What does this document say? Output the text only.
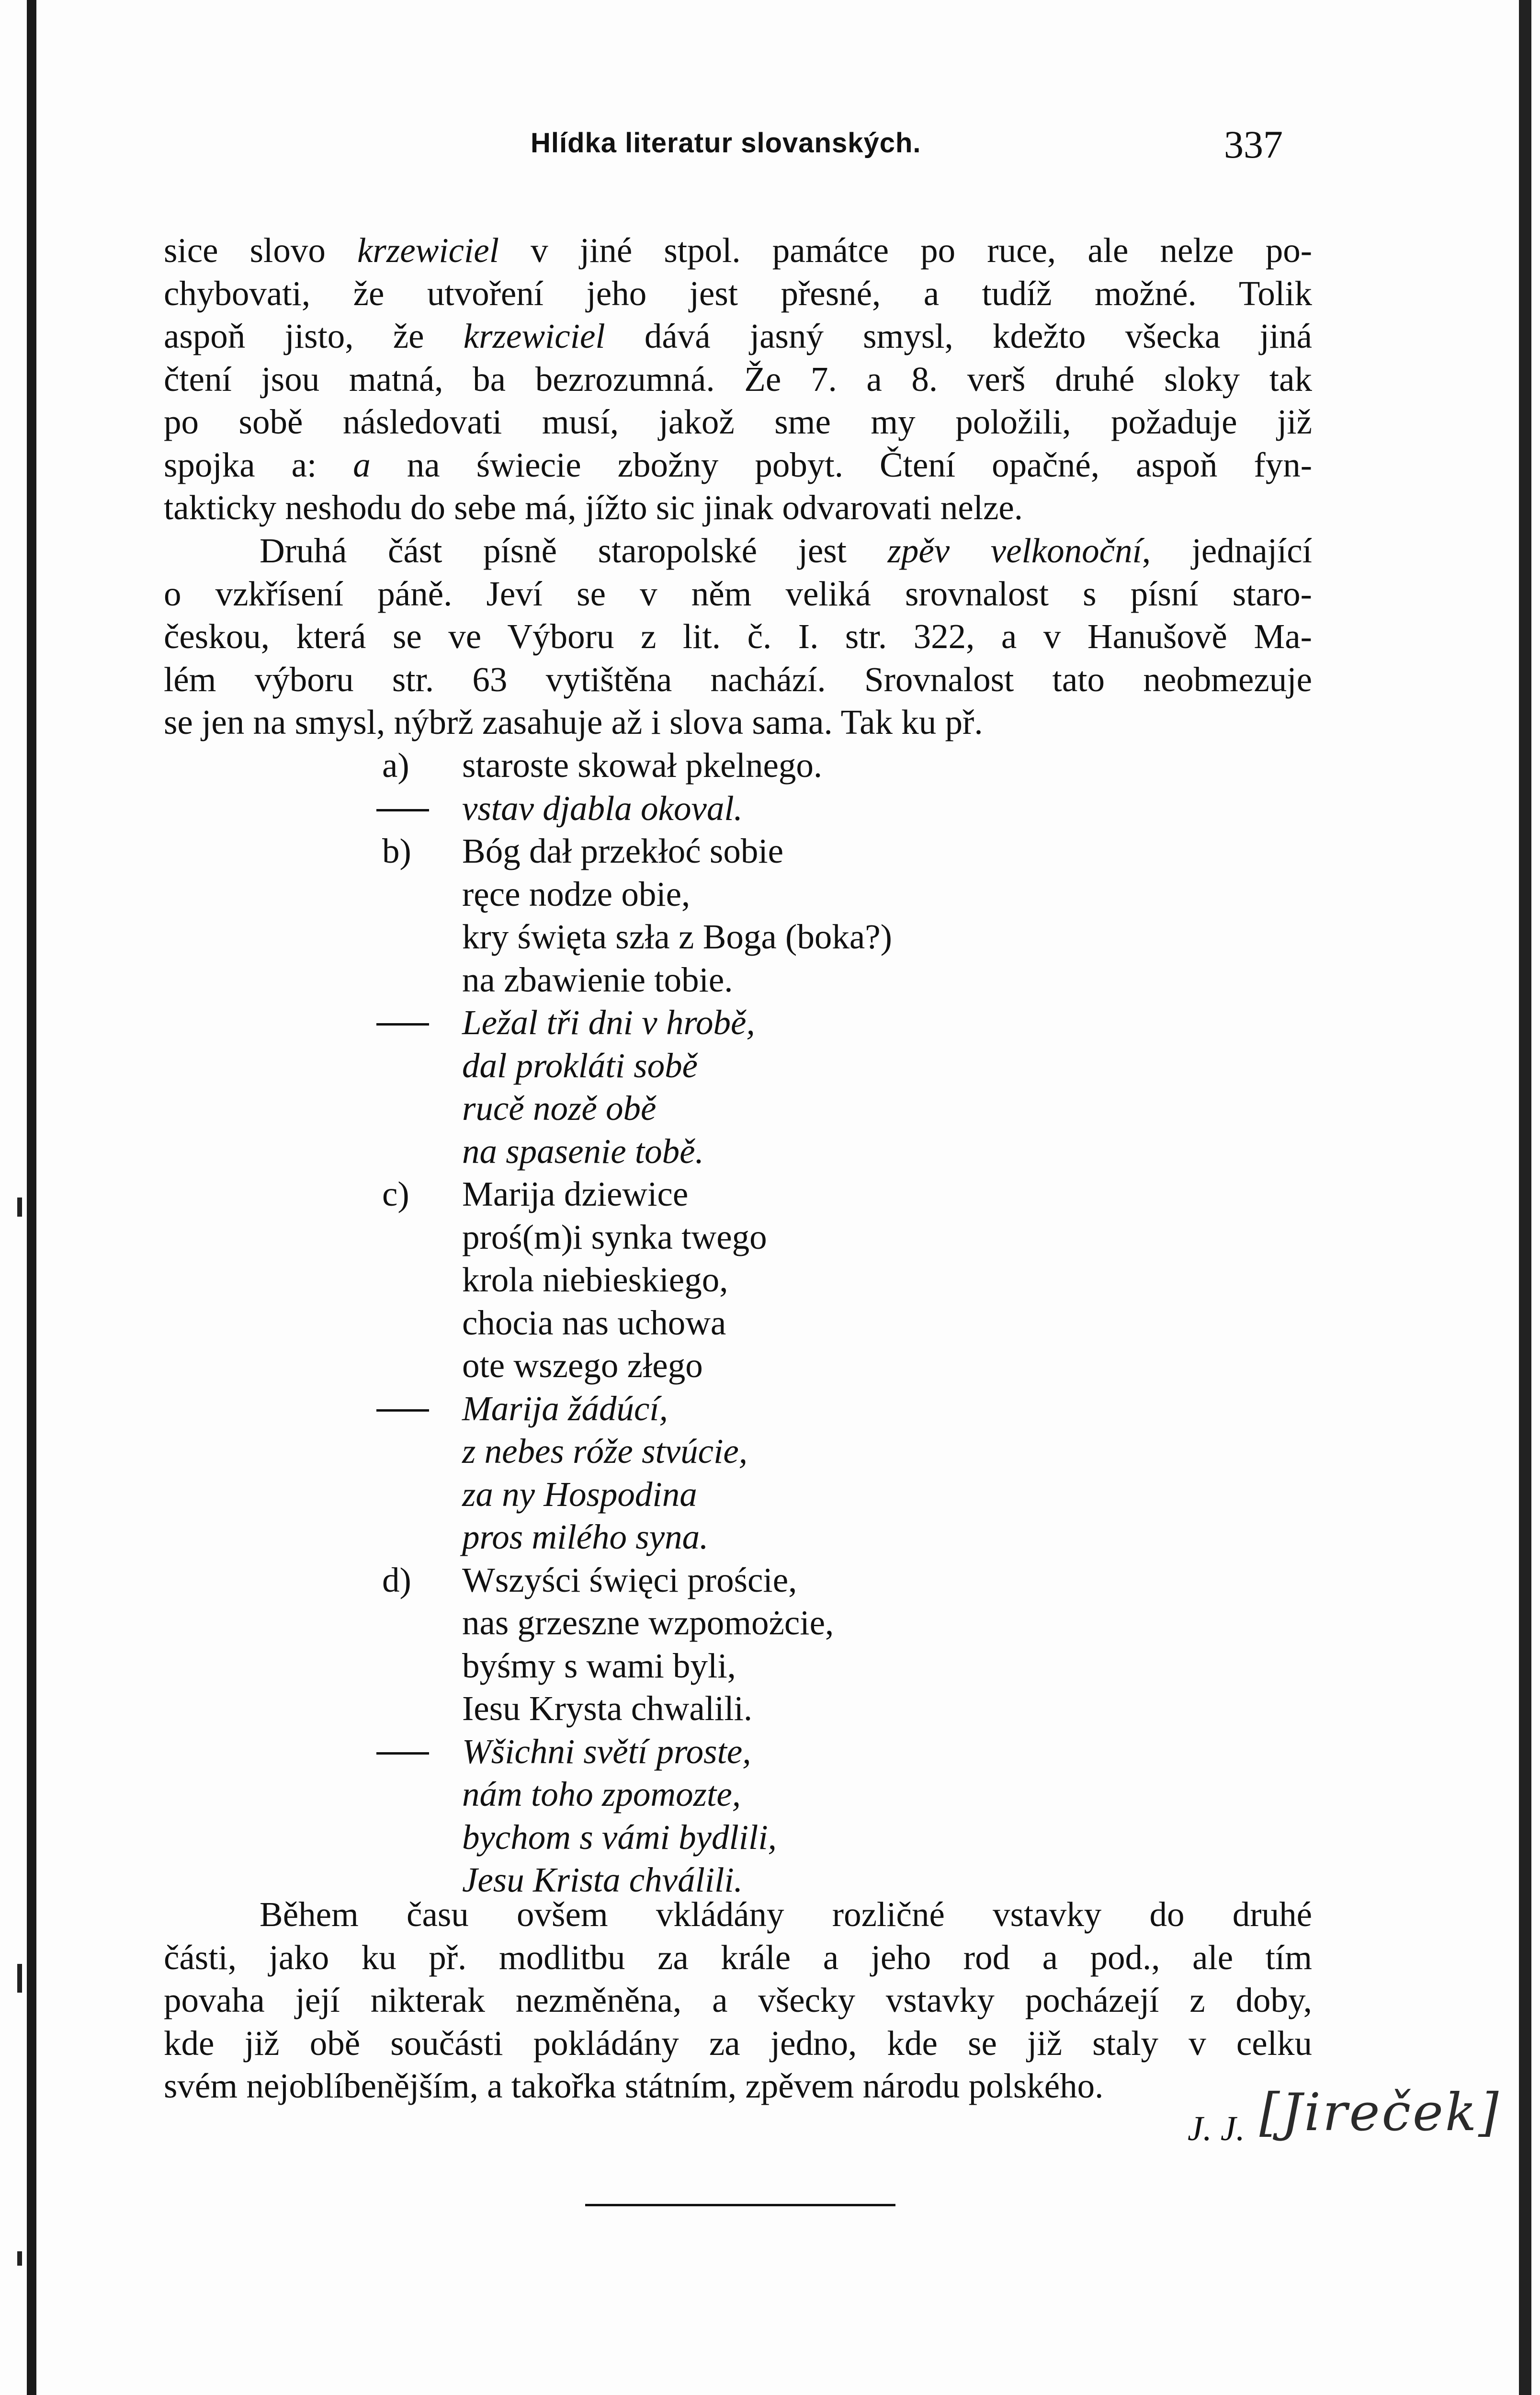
Hlídka literatur slovanských.	337
sice slovo krzewiciel v jiné stpol. památce po ruce, ale nelze po-
chybovati, že utvoření jeho jest přesné, a tudíž možné. Tolik
aspoň jisto, že krzewiciel dává jasný smysl, kdežto všecka jiná
čtení jsou matná, ba bezrozumná. Že 7. a 8. verš druhé sloky tak
po sobě následovati musí, jakož sme my položili, požaduje již
spojka a: a na świecie zbožny pobyt. Čtení opačné, aspoň fyn-
takticky neshodu do sebe má, jížto sic jinak odvarovati nelze.
Druhá část písně staropolské jest zpěv velkonoční, jednající
o vzkřísení páně. Jeví se v něm veliká srovnalost s písní staro-
českou, která se ve Výboru z lit. č. I. str. 322, a v Hanušově Ma-
lém výboru str. 63 vytištěna nachází. Srovnalost tato neobmezuje
se jen na smysl, nýbrž zasahuje až i slova sama. Tak ku př.
a)	staroste skował pkelnego.
vstav djabla okoval.
b)	Bóg dał przekłoć sobie
ręce nodze obie,
kry święta szła z Boga (boka?)
na zbawienie tobie.
Ležal tři dni v hrobě,
dal prokláti sobě
rucě nozě obě
na spasenie tobě.
c)	Marija dziewice
proś(m)i synka twego
krola niebieskiego,
chocia nas uchowa
ote wszego złego
Marija žádúcí,
z nebes róže stvúcie,
za ny Hospodina
pros milého syna.
d)	Wszyści święci proście,
nas grzeszne wzpomożcie,
byśmy s wami byli,
Iesu Krysta chwalili.
Wšichni světí proste,
nám toho zpomozte,
bychom s vámi bydlili,
Jesu Krista chválili.
Během času ovšem vkládány rozličné vstavky do druhé
části, jako ku př. modlitbu za krále a jeho rod a pod., ale tím
povaha její nikterak nezměněna, a všecky vstavky pocházejí z doby,
kde již obě součásti pokládány za jedno, kde se již staly v celku
svém nejoblíbenějším, a takořka státním, zpěvem národu polského.
J. J. [Jireček]
